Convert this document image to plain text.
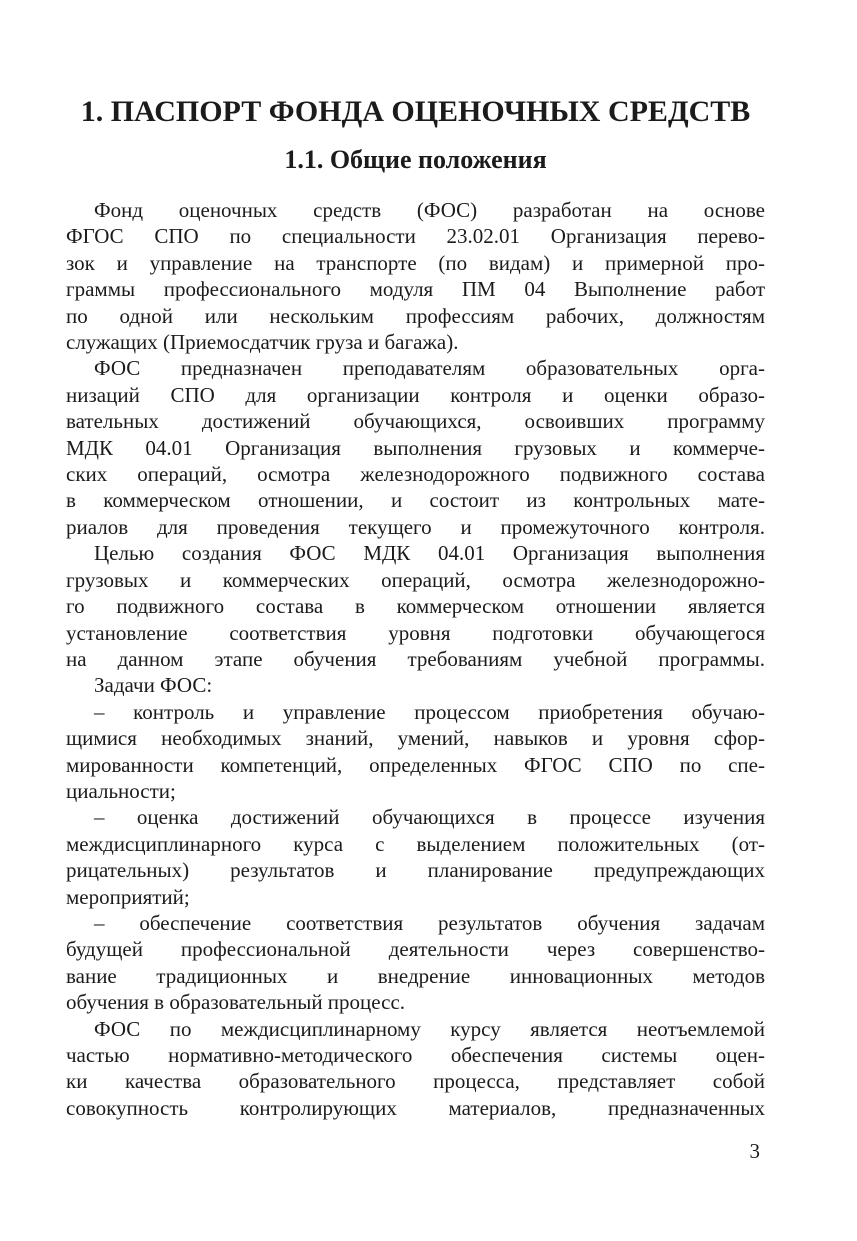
1. ПАСПОРТ ФОНДА ОЦЕНОЧНЫХ СРЕДСТВ
1.1. Общие положения
Фонд оценочных средств (ФОС) разработан на основе
ФГОС СПО по специальности 23.02.01 Организация перево-
зок и управление на транспорте (по видам) и примерной про-
граммы профессионального модуля ПМ 04 Выполнение работ
по одной или нескольким профессиям рабочих, должностям
служащих (Приемосдатчик груза и багажа).
ФОС предназначен преподавателям образовательных орга-
низаций СПО для организации контроля и оценки образо-
вательных достижений обучающихся, освоивших программу
МДК 04.01 Организация выполнения грузовых и коммерче-
ских операций, осмотра железнодорожного подвижного состава
в коммерческом отношении, и состоит из контрольных мате-
риалов для проведения текущего и промежуточного контроля.
Целью создания ФОС МДК 04.01 Организация выполнения
грузовых и коммерческих операций, осмотра железнодорожно-
го подвижного состава в коммерческом отношении является
установление соответствия уровня подготовки обучающегося
на данном этапе обучения требованиям учебной программы.
Задачи ФОС:
– контроль и управление процессом приобретения обучаю-
щимися необходимых знаний, умений, навыков и уровня сфор-
мированности компетенций, определенных ФГОС СПО по спе-
циальности;
– оценка достижений обучающихся в процессе изучения
междисциплинарного курса с выделением положительных (от-
рицательных) результатов и планирование предупреждающих
мероприятий;
– обеспечение соответствия результатов обучения задачам
будущей профессиональной деятельности через совершенство-
вание традиционных и внедрение инновационных методов
обучения в образовательный процесс.
ФОС по междисциплинарному курсу является неотъемлемой
частью нормативно-методического обеспечения системы оцен-
ки качества образовательного процесса, представляет собой
совокупность контролирующих материалов, предназначенных
3
